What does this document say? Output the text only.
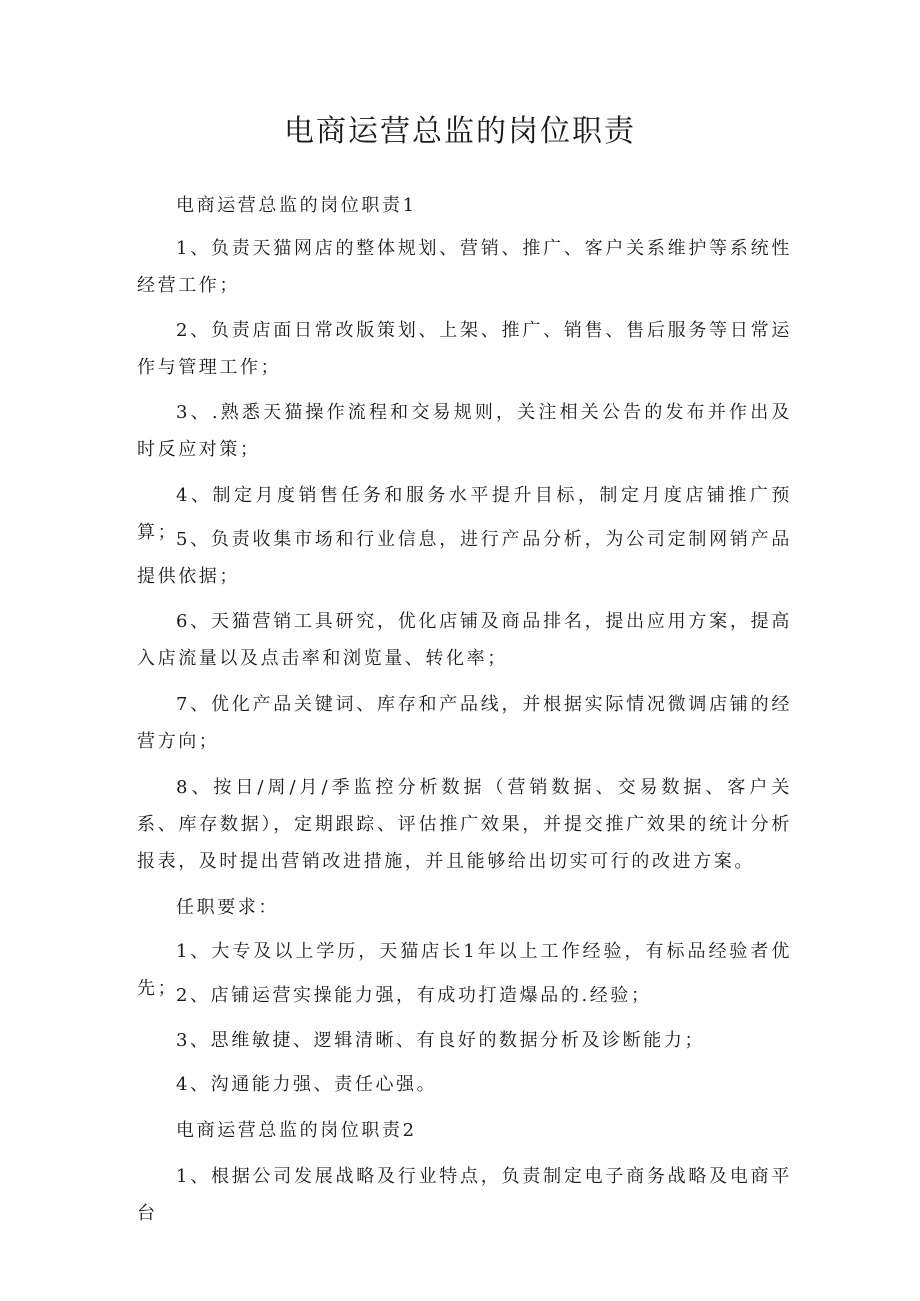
电商运营总监的岗位职责

电商运营总监的岗位职责1

1、负责天猫网店的整体规划、营销、推广、客户关系维护等系统性经营工作；

2、负责店面日常改版策划、上架、推广、销售、售后服务等日常运作与管理工作；

3、.熟悉天猫操作流程和交易规则，关注相关公告的发布并作出及时反应对策；

4、制定月度销售任务和服务水平提升目标，制定月度店铺推广预算；

5、负责收集市场和行业信息，进行产品分析，为公司定制网销产品提供依据；

6、天猫营销工具研究，优化店铺及商品排名，提出应用方案，提高入店流量以及点击率和浏览量、转化率；

7、优化产品关键词、库存和产品线，并根据实际情况微调店铺的经营方向；

8、按日/周/月/季监控分析数据（营销数据、交易数据、客户关系、库存数据），定期跟踪、评估推广效果，并提交推广效果的统计分析报表，及时提出营销改进措施，并且能够给出切实可行的改进方案。

任职要求：

1、大专及以上学历，天猫店长1年以上工作经验，有标品经验者优先；

2、店铺运营实操能力强，有成功打造爆品的.经验；

3、思维敏捷、逻辑清晰、有良好的数据分析及诊断能力；

4、沟通能力强、责任心强。

电商运营总监的岗位职责2

1、根据公司发展战略及行业特点，负责制定电子商务战略及电商平台
